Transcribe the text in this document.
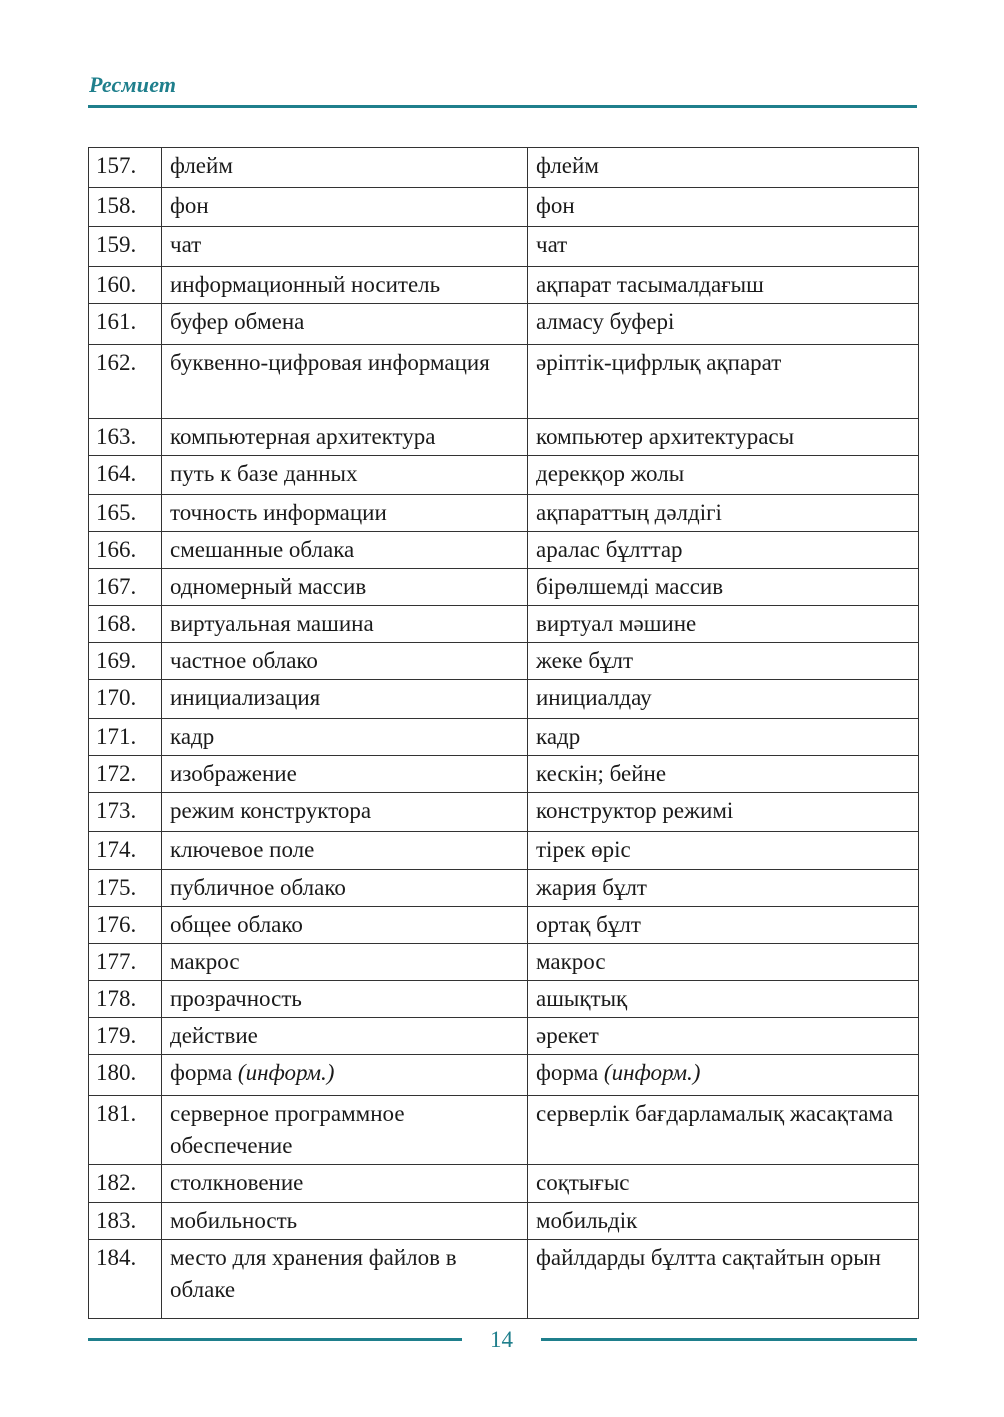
Ресмиет
157.	флейм	флейм
158.	фон	фон
159.	чат	чат
160.	информационный носитель	ақпарат тасымалдағыш
161.	буфер обмена	алмасу буфері
162.	буквенно-цифровая информация	әріптік-цифрлық ақпарат
163.	компьютерная архитектура	компьютер архитектурасы
164.	путь к базе данных	дерекқор жолы
165.	точность информации	ақпараттың дәлдігі
166.	смешанные облака	аралас бұлттар
167.	одномерный массив	бірөлшемді массив
168.	виртуальная машина	виртуал мәшине
169.	частное облако	жеке бұлт
170.	инициализация	инициалдау
171.	кадр	кадр
172.	изображение	кескін; бейне
173.	режим конструктора	конструктор режимі
174.	ключевое поле	тірек өріс
175.	публичное облако	жария бұлт
176.	общее облако	ортақ бұлт
177.	макрос	макрос
178.	прозрачность	ашықтық
179.	действие	әрекет
180.	форма (информ.)	форма (информ.)
181.	серверное программное обеспечение	серверлік бағдарламалық жасақтама
182.	столкновение	соқтығыс
183.	мобильность	мобильдік
184.	место для хранения файлов в облаке	файлдарды бұлтта сақтайтын орын
14
